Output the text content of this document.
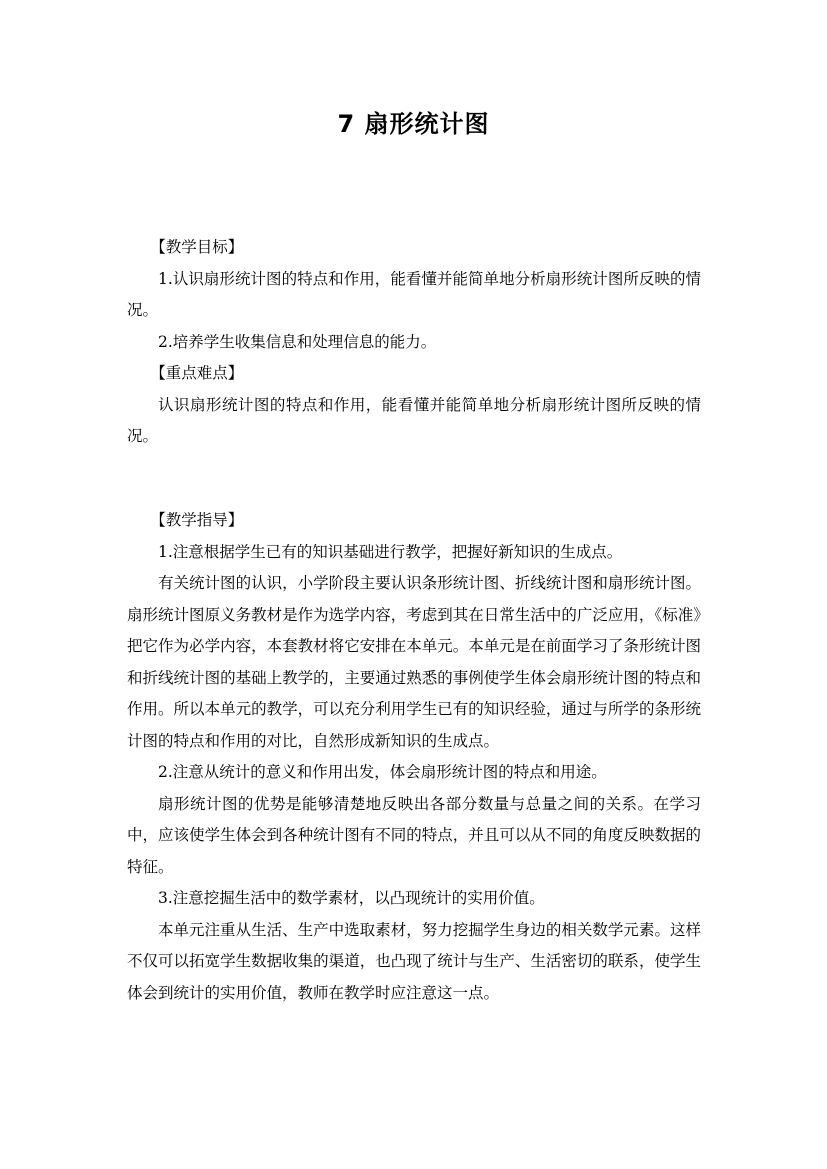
7 扇形统计图

【教学目标】

1.认识扇形统计图的特点和作用，能看懂并能简单地分析扇形统计图所反映的情况。

2.培养学生收集信息和处理信息的能力。

【重点难点】

认识扇形统计图的特点和作用，能看懂并能简单地分析扇形统计图所反映的情况。

【教学指导】

1.注意根据学生已有的知识基础进行教学，把握好新知识的生成点。

有关统计图的认识，小学阶段主要认识条形统计图、折线统计图和扇形统计图。扇形统计图原义务教材是作为选学内容，考虑到其在日常生活中的广泛应用，《标准》把它作为必学内容，本套教材将它安排在本单元。本单元是在前面学习了条形统计图和折线统计图的基础上教学的，主要通过熟悉的事例使学生体会扇形统计图的特点和作用。所以本单元的教学，可以充分利用学生已有的知识经验，通过与所学的条形统计图的特点和作用的对比，自然形成新知识的生成点。

2.注意从统计的意义和作用出发，体会扇形统计图的特点和用途。

扇形统计图的优势是能够清楚地反映出各部分数量与总量之间的关系。在学习中，应该使学生体会到各种统计图有不同的特点，并且可以从不同的角度反映数据的特征。

3.注意挖掘生活中的数学素材，以凸现统计的实用价值。

本单元注重从生活、生产中选取素材，努力挖掘学生身边的相关数学元素。这样不仅可以拓宽学生数据收集的渠道，也凸现了统计与生产、生活密切的联系，使学生体会到统计的实用价值，教师在教学时应注意这一点。
